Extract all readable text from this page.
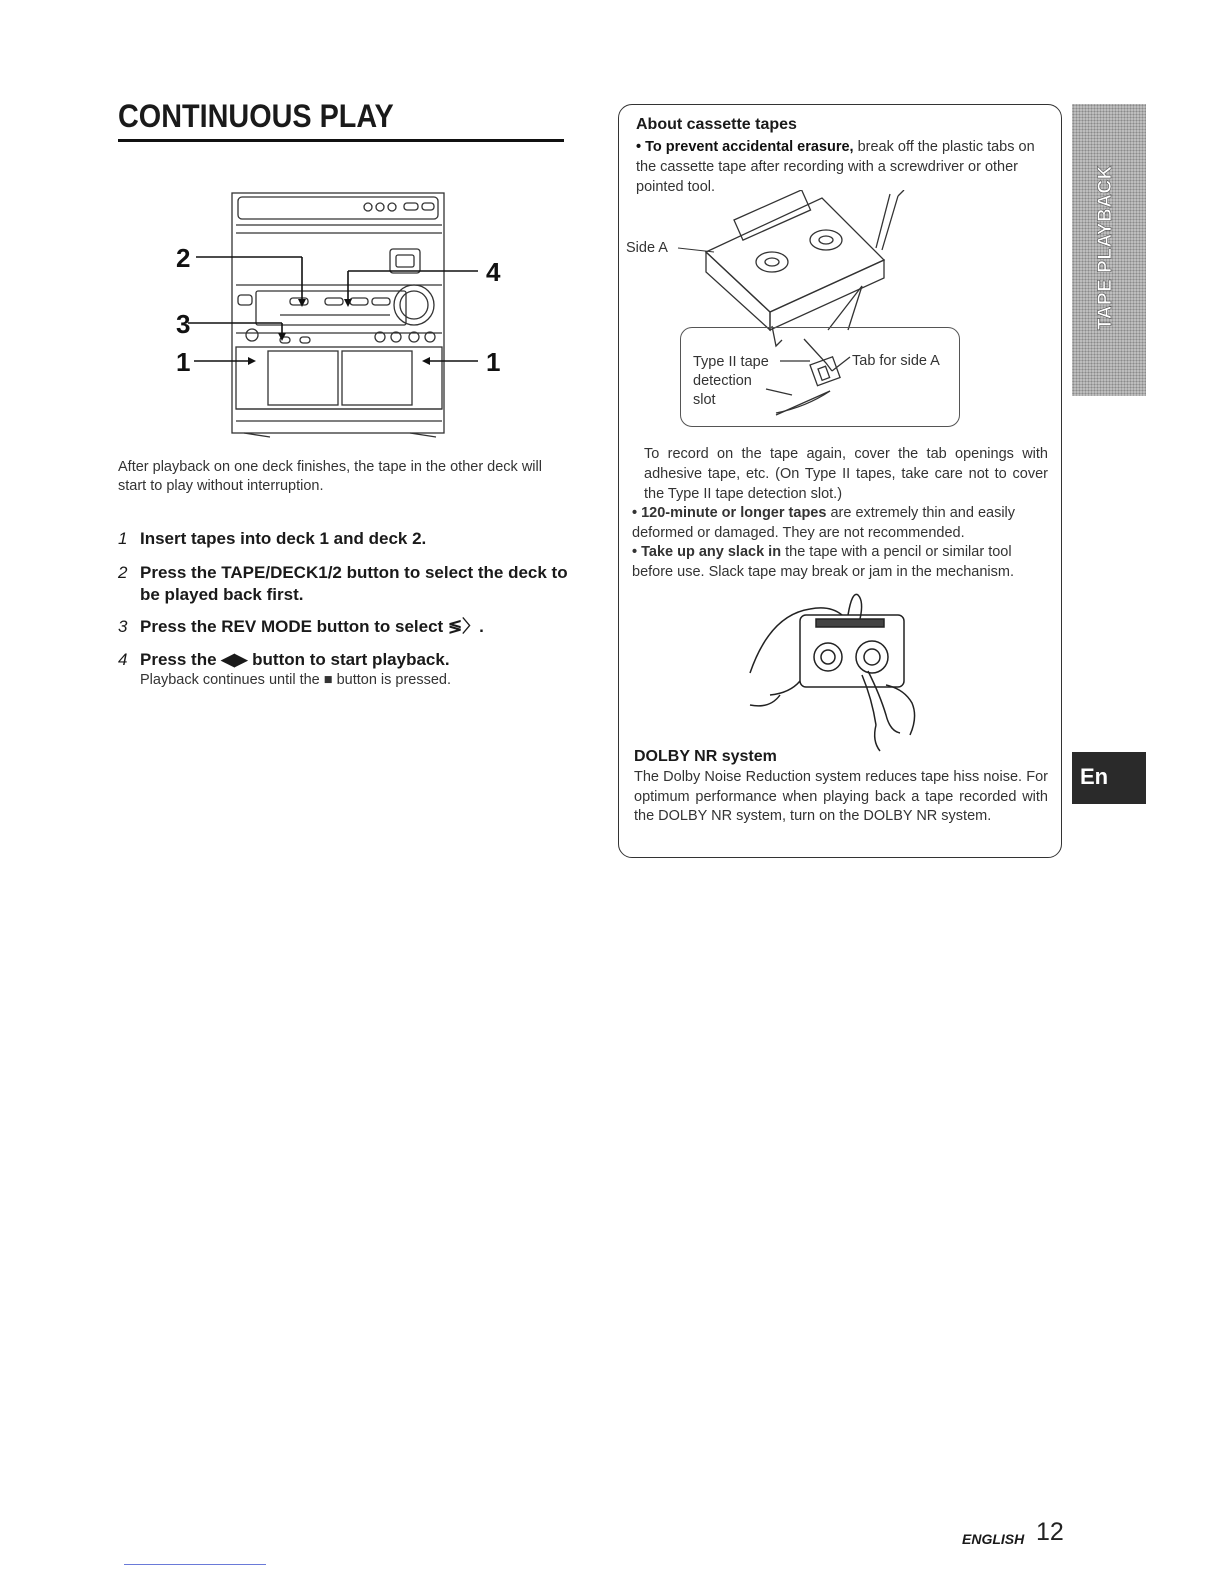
CONTINUOUS PLAY
2
3
1
4
1
After playback on one deck finishes, the tape in the other deck will start to play without interruption.
1 Insert tapes into deck 1 and deck 2.
2 Press the TAPE/DECK1/2 button to select the deck to be played back first.
3 Press the REV MODE button to select ≶〉.
4 Press the ◀▶ button to start playback.
Playback continues until the ■ button is pressed.
About cassette tapes
• To prevent accidental erasure, break off the plastic tabs on the cassette tape after recording with a screwdriver or other pointed tool.
Side A
Type II tape
detection
slot
Tab for side A
To record on the tape again, cover the tab openings with adhesive tape, etc. (On Type II tapes, take care not to cover the Type II tape detection slot.)
• 120-minute or longer tapes are extremely thin and easily deformed or damaged. They are not recommended.
• Take up any slack in the tape with a pencil or similar tool before use. Slack tape may break or jam in the mechanism.
DOLBY NR system
The Dolby Noise Reduction system reduces tape hiss noise. For optimum performance when playing back a tape recorded with the DOLBY NR system, turn on the DOLBY NR system.
TAPE PLAYBACK
En
ENGLISH 12
